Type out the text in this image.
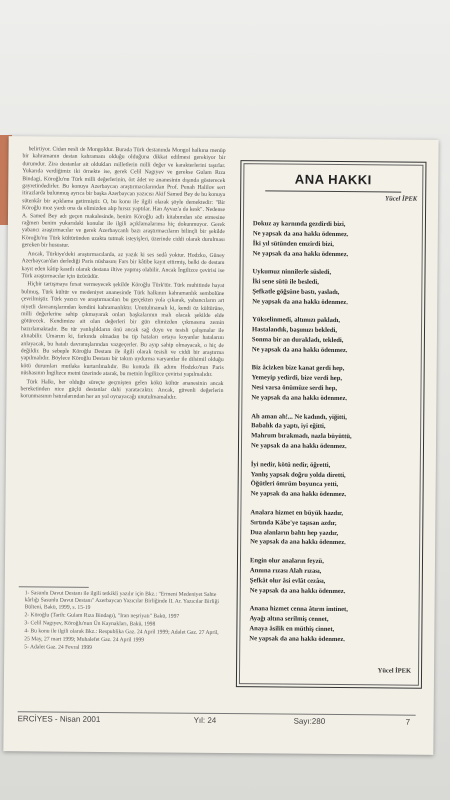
belirtiyor. Cidan nesli de Mongoldur. Burada Türk destanında Mongol halkına menüp bir kahramanın destan kahramanı olduğu olduğuna dikkat edilmesi gerekiyor bir durumdur. Zira destanlar ait oldukları milletlerin milli değer ve karakterlerini taşırlar. Yukarıda verdiğimiz iki örnekte ise, gerek Celil Nagıyev ve gerekse Gulam Rıza Bindagi, Köroğlu'nu Türk milli değerlerinin, ört ádet ve ananesinin dışında gösterecek gayretindedirler. Bu konuya Azerbaycan araştırmacılarından Prof. Penah Halilov sert itirazlarda bulunmuş ayrıca bir başka Azerbaycan yazıcısı Akif Samed Bey de bu konuya sütenkâr bir açıklama getirmiştir. O, bu konu ile ilgili olarak şöyle demektedir: "Bir Köroğlu moz yardı ona da elimizden alıp hırsız yaptılar. Han Ayvaz'a da kesk". Nedense A. Samed Bey adı geçen makalesinde, benim Köroğlu adlı kitabımdan söz etmesine rağmen benim yukarıdaki konular ile ilgili açıklamalarıma hiç dokunmuyor. Gerek yabancı araştırmacılar ve gerek Azerbaycanlı bazı araştırmacıların bilinçli bir şekilde Köroğlu'nu Türk kültüründen uzakta tutmak isteyişleri, üzerinde ciddi olarak durulması gereken bir husustur.

Ancak, Türkiye'deki araştırmacılarda, az yazık ki ses sedâ yoktur. Hodzko, Güney Azerbaycan'dan derlediği Paris nüshasını Fars bir kâtibe kayıt ettirmiş, belki de destanı kayıt eden kâtip kasıtlı olarak destana iltive yapmış olabilir. Ancak İngilizce çevirisi ise Türk araştırmacılar için üzücüdür.

Hiçbir tartışmaya fırsat vermeyecek şekilde Köroğlu Türk'tür. Türk muhitinde hayat bulmuş, Türk kültür ve medeniyet ananesinde Türk halkının kahramanlık sembolüne çevrilmiştir. Türk yazıcı ve araştırmacıları bu gerçekten yola çıkarak, yabancıların art niyetli davranışlarından kendini kahramanlıktır. Unutulmamalı ki, kendi öz kültürüne, milli değerlerine sahip çıkmayarak onları başkalarının malı olacak şekilde elde götürecek. Kendimize ait olan değerleri bir gün elimizden çıkmasına zemin hazırlamaktadır. Bu tür yanlışlıkların önü ancak sağ duyu ve tesisli çalışmalar ile alınabilir. Umarım ki, farkında olmadan bu tip hataları ortaya koyanlar hatalarını anlayacak, bu hatalı davranışlarından vazgeçerler. Bu ayıp sahip olmayacak, o hiç de değildir. Bu sebeple Köroğlu Destanı ile ilgili olarak tesisli ve ciddi bir araştırma yapılmalıdır. Böylece Köroğlu Destanı bir takım uydurma varyantlar ile dilsimil olduğu kötü durumları mutlaka kurtarılmalıdır. Bu konuda ilk adımı Hodzko'nun Paris nüshasının İngilizce metni üzerinde atarak, bu metnin İngilizce çevirisi yapılmalıdır.

Türk Halkı, her olduğu süreçte geçmişten gelen kökü kültür ananesinin ancak bereketinden nice güçlü destanlar dahi yaratacaktır. Ancak, güvenli değerlerin korunmasının hatıralarından her an yol oynayacağı unutulmamalıdır.

1- Sasunlu Davut Destanı ile ilgili tetkikli yazılır için Bkz.: "Ermeni Medeniyet Sahte kârlığı Sasunlu Davut Destanı" Azerbaycan Yazıcılar Birliğinde II. Ar. Yazıcılar Birliği Bülteni, Bakü, 1999, s. 15-19
2- Köroğlu (Tarih: Gulam Rıza Bindagı), "Iran neşriyatı" Bakü, 1997
3- Celil Nagıyev, Köroğlu'nun Ün Kaynakları, Bakü, 1998
4- Bu konu ile ilgili olarak Bkz.: Respublika Gaz. 24 April 1999; Adalet Gaz. 27 April, 25 May, 27 mart 1999; Muhalefet Gaz. 24 April 1999
5- Adalet Gaz. 24 Fevral 1999
ANA HAKKI
Yücel İPEK
Dokuz ay karnında gezdirdi bizi,
Ne yapsak da ana hakkı ödenmez.
İki yıl sütünden emzirdi bizi,
Ne yapsak da ana hakkı ödenmez.
Uykumuz ninnilerle süsledi,
İki sene sütü ile besledi,
Şefkatle göğsüne bastı, yasladı,
Ne yapsak da ana hakkı ödenmez.
Yükselinmedi, altımızı pakladı,
Hastalandık, başımızı bekledi,
Sonma bir an durakladı, tekledi,
Ne yapsak da ana hakkı ödenmez.
Biz âcizken bize kanat gerdi hep,
Yemeyip yedirdi, bize verdi hep,
Nesi varsa önümüze serdi hep,
Ne yapsak da ana hakkı ödenmez.
Ah aman ah!... Ne kadındı, yiğitti,
Babalık da yaptı, iyi eğitti,
Mahrum bırakmadı, nazla büyüttü,
Ne yapsak da ana hakkı ödenmez.
İyi nedir, kötü nedir, öğretti,
Yanlış yapsak doğru yolda diretti,
Öğütleri ömrüm boyunca yetti,
Ne yapsak da ana hakkı ödenmez.
Analara hizmet en büyük hazdır,
Sırtında Kâbe'ye taşısan azdır,
Dua alanların bahtı hep yazdır,
Ne yapsak da ana hakkı ödenmez.
Engin olur anaların feyzü,
Annına rızası Alah rızası,
Şefkât olur âsi evlât cezâsı,
Ne yapsak da ana hakkı ödenmez.
Anana hizmet cenna âtırm imtinet,
Ayağı altına serilmiş cennet,
Anaya âsilik en müthiş cinnet,
Ne yapsak da ana hakkı ödenmez.
Yücel İPEK
ERCİYES - Nisan 2001	Yıl: 24	Sayı:280	7
